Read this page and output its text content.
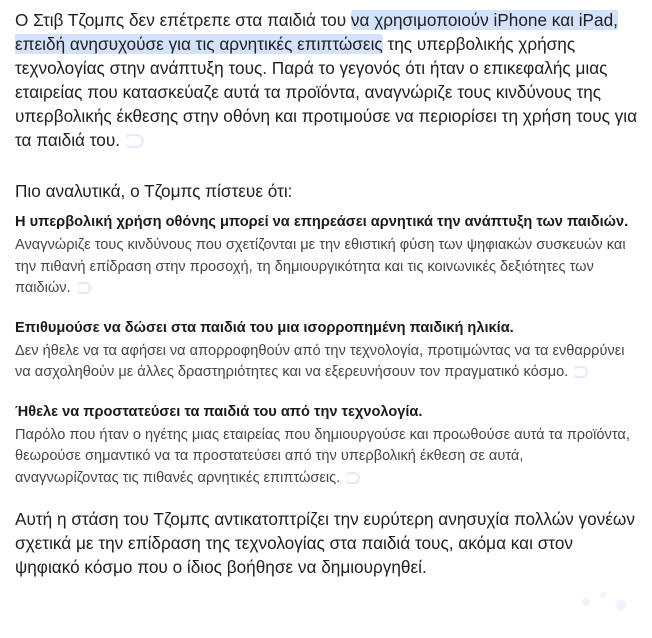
Ο Στιβ Τζομπς δεν επέτρεπε στα παιδιά του να χρησιμοποιούν iPhone και iPad, επειδή ανησυχούσε για τις αρνητικές επιπτώσεις της υπερβολικής χρήσης τεχνολογίας στην ανάπτυξη τους. Παρά το γεγονός ότι ήταν ο επικεφαλής μιας εταιρείας που κατασκεύαζε αυτά τα προϊόντα, αναγνώριζε τους κινδύνους της υπερβολικής έκθεσης στην οθόνη και προτιμούσε να περιορίσει τη χρήση τους για τα παιδιά του.

Πιο αναλυτικά, ο Τζομπς πίστευε ότι:

Η υπερβολική χρήση οθόνης μπορεί να επηρεάσει αρνητικά την ανάπτυξη των παιδιών.

Αναγνώριζε τους κινδύνους που σχετίζονται με την εθιστική φύση των ψηφιακών συσκευών και την πιθανή επίδραση στην προσοχή, τη δημιουργικότητα και τις κοινωνικές δεξιότητες των παιδιών.

Επιθυμούσε να δώσει στα παιδιά του μια ισορροπημένη παιδική ηλικία.

Δεν ήθελε να τα αφήσει να απορροφηθούν από την τεχνολογία, προτιμώντας να τα ενθαρρύνει να ασχοληθούν με άλλες δραστηριότητες και να εξερευνήσουν τον πραγματικό κόσμο.

Ήθελε να προστατεύσει τα παιδιά του από την τεχνολογία.

Παρόλο που ήταν ο ηγέτης μιας εταιρείας που δημιουργούσε και προωθούσε αυτά τα προϊόντα, θεωρούσε σημαντικό να τα προστατεύσει από την υπερβολική έκθεση σε αυτά, αναγνωρίζοντας τις πιθανές αρνητικές επιπτώσεις.

Αυτή η στάση του Τζομπς αντικατοπτρίζει την ευρύτερη ανησυχία πολλών γονέων σχετικά με την επίδραση της τεχνολογίας στα παιδιά τους, ακόμα και στον ψηφιακό κόσμο που ο ίδιος βοήθησε να δημιουργηθεί.
